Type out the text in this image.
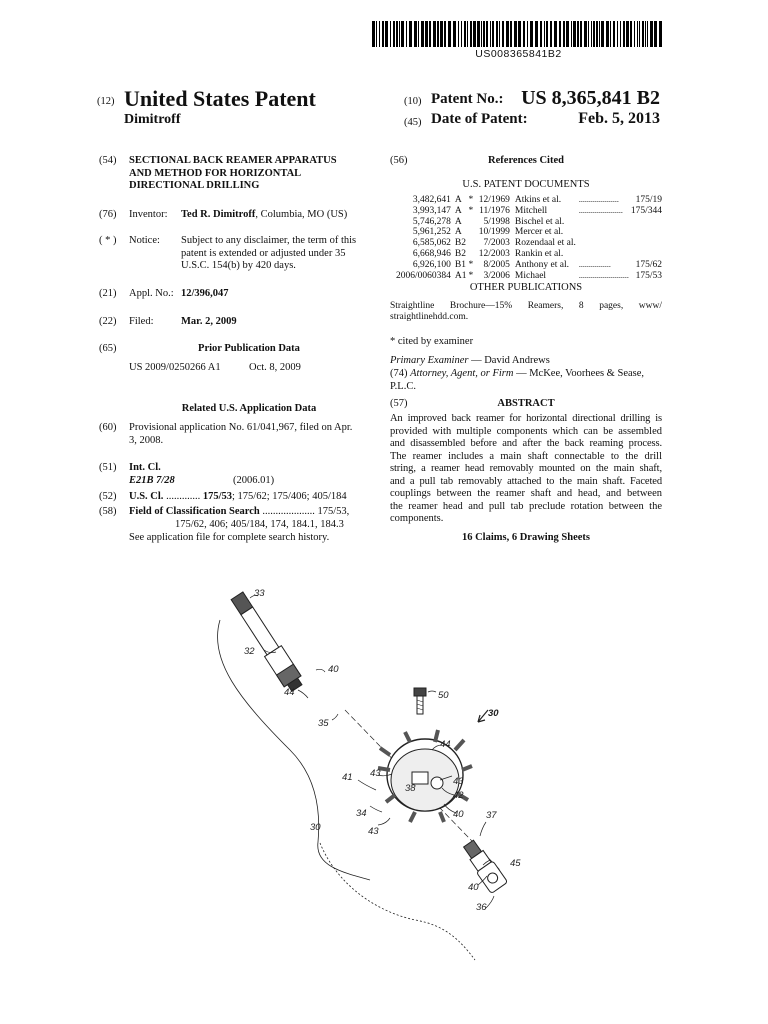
US008365841B2
(12) United States Patent
Dimitroff
(10) Patent No.: US 8,365,841 B2
(45) Date of Patent:	Feb. 5, 2013
(54) SECTIONAL BACK REAMER APPARATUS
AND METHOD FOR HORIZONTAL
DIRECTIONAL DRILLING
(76) Inventor: Ted R. Dimitroff, Columbia, MO (US)
( * ) Notice: Subject to any disclaimer, the term of this
patent is extended or adjusted under 35
U.S.C. 154(b) by 420 days.
(21) Appl. No.: 12/396,047
(22) Filed:	Mar. 2, 2009
(65)	Prior Publication Data
US 2009/0250266 A1	Oct. 8, 2009
Related U.S. Application Data
(60) Provisional application No. 61/041,967, filed on Apr.
3, 2008.
(51) Int. Cl.
E21B 7/28	(2006.01)
(52) U.S. Cl. ............. 175/53; 175/62; 175/406; 405/184
(58) Field of Classification Search .................... 175/53,
175/62, 406; 405/184, 174, 184.1, 184.3
See application file for complete search history.
(56)	References Cited
U.S. PATENT DOCUMENTS
3,482,641	A	*	12/1969	Atkins et al.	....................	175/19
3,993,147	A	*	11/1976	Mitchell	......................	175/344
5,746,278	A		5/1998	Bischel et al.		
5,961,252	A		10/1999	Mercer et al.		
6,585,062	B2		7/2003	Rozendaal et al.		
6,668,946	B2		12/2003	Rankin et al.		
6,926,100	B1	*	8/2005	Anthony et al.	................	175/62
2006/0060384	A1	*	3/2006	Michael	.........................	175/53
OTHER PUBLICATIONS
Straightline Brochure—15% Reamers, 8 pages, www/
straightlinehdd.com.
* cited by examiner
Primary Examiner — David Andrews
(74) Attorney, Agent, or Firm — McKee, Voorhees & Sease,
P.L.C.
(57)	ABSTRACT
An improved back reamer for horizontal directional drilling is
provided with multiple components which can be assembled
and disassembled before and after the back reaming process.
The reamer includes a main shaft connectable to the drill
string, a reamer head removably mounted on the main shaft,
and a pull tab removably attached to the main shaft. Faceted
couplings between the reamer shaft and head, and between
the reamer head and pull tab preclude rotation between the
components.
16 Claims, 6 Drawing Sheets
33
32
40
44
35
50
30
44
41 43
38
43
42
40
34
30	43
37
45
40
36
